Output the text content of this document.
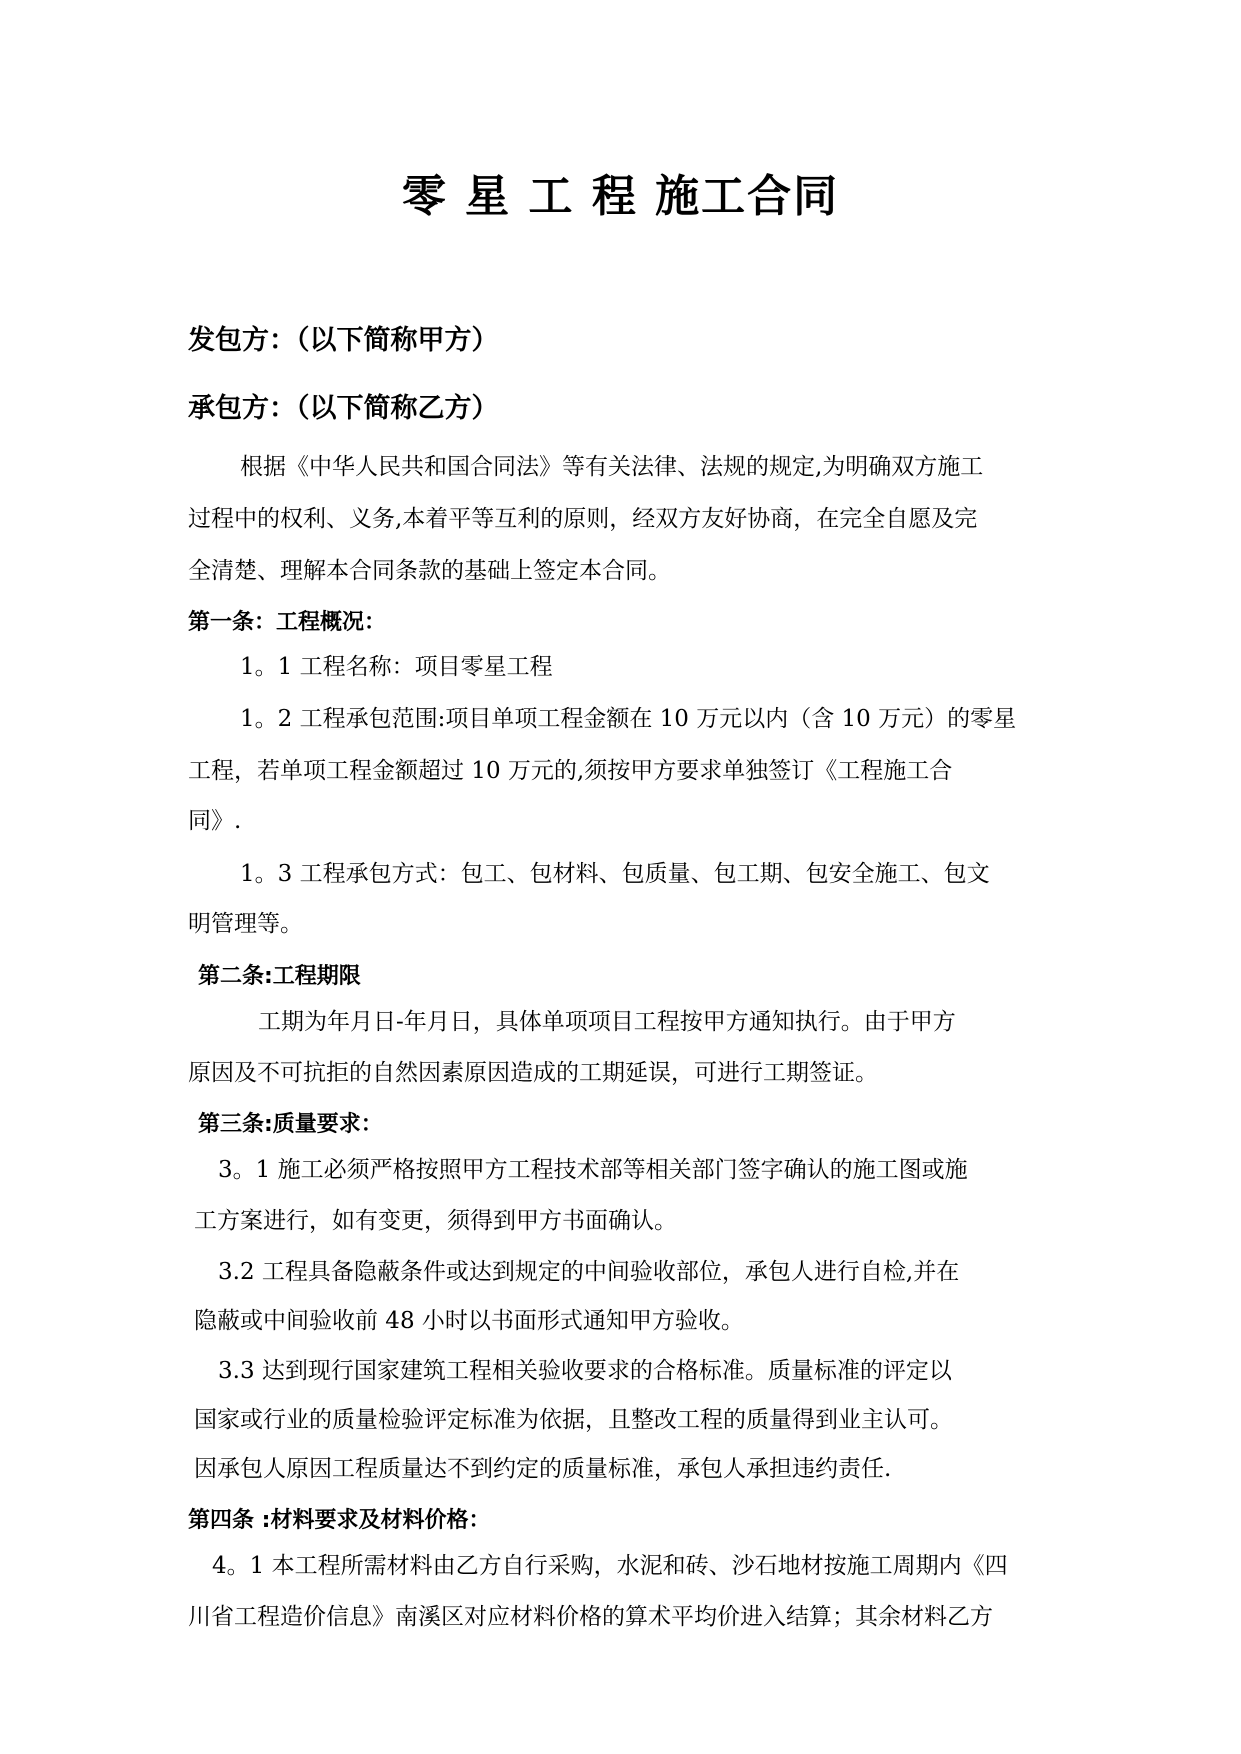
零 星 工 程 施工合同
发包方：（以下简称甲方）
承包方：（以下简称乙方）
根据《中华人民共和国合同法》等有关法律、法规的规定,为明确双方施工
过程中的权利、义务,本着平等互利的原则，经双方友好协商，在完全自愿及完
全清楚、理解本合同条款的基础上签定本合同。
第一条：工程概况：
1。1 工程名称：项目零星工程
1。2 工程承包范围:项目单项工程金额在 10 万元以内（含 10 万元）的零星
工程，若单项工程金额超过 10 万元的,须按甲方要求单独签订《工程施工合
同》.
1。3 工程承包方式：包工、包材料、包质量、包工期、包安全施工、包文
明管理等。
第二条:工程期限
工期为年月日-年月日，具体单项项目工程按甲方通知执行。由于甲方
原因及不可抗拒的自然因素原因造成的工期延误，可进行工期签证。
第三条:质量要求：
3。1 施工必须严格按照甲方工程技术部等相关部门签字确认的施工图或施
工方案进行，如有变更，须得到甲方书面确认。
3.2 工程具备隐蔽条件或达到规定的中间验收部位，承包人进行自检,并在
隐蔽或中间验收前 48 小时以书面形式通知甲方验收。
3.3 达到现行国家建筑工程相关验收要求的合格标准。质量标准的评定以
国家或行业的质量检验评定标准为依据，且整改工程的质量得到业主认可。
因承包人原因工程质量达不到约定的质量标准，承包人承担违约责任.
第四条 :材料要求及材料价格：
4。1 本工程所需材料由乙方自行采购，水泥和砖、沙石地材按施工周期内《四
川省工程造价信息》南溪区对应材料价格的算术平均价进入结算；其余材料乙方
